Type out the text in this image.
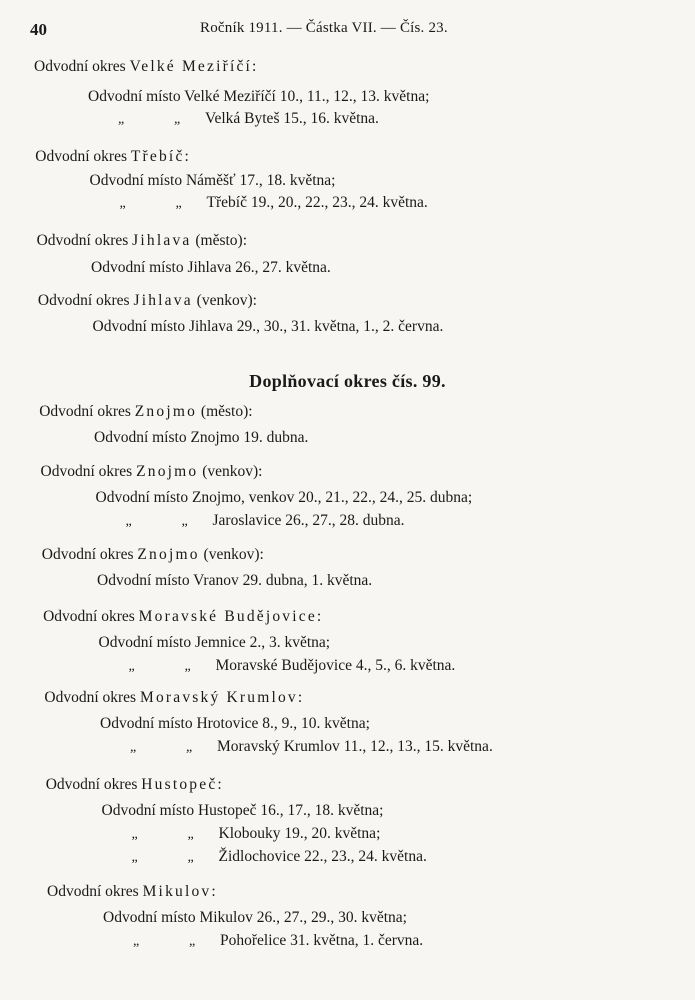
40	Ročník 1911. — Částka VII. — Čís. 23.
Doplňovací okres čís. 99.
Odvodní okres Velké Meziříčí:
Odvodní místo Velké Meziříčí 10., 11., 12., 13. května;
„	„ Velká Byteš 15., 16. května.
Odvodní okres Třebíč:
Odvodní místo Náměšť 17., 18. května;
„	„ Třebíč 19., 20., 22., 23., 24. května.
Odvodní okres Jihlava (město):
Odvodní místo Jihlava 26., 27. května.
Odvodní okres Jihlava (venkov):
Odvodní místo Jihlava 29., 30., 31. května, 1., 2. června.
Odvodní okres Znojmo (město):
Odvodní místo Znojmo 19. dubna.
Odvodní okres Znojmo (venkov):
Odvodní místo Znojmo, venkov 20., 21., 22., 24., 25. dubna;
„	„ Jaroslavice 26., 27., 28. dubna.
Odvodní okres Znojmo (venkov):
Odvodní místo Vranov 29. dubna, 1. května.
Odvodní okres Moravské Budějovice:
Odvodní místo Jemnice 2., 3. května;
„	„ Moravské Budějovice 4., 5., 6. května.
Odvodní okres Moravský Krumlov:
Odvodní místo Hrotovice 8., 9., 10. května;
„	„ Moravský Krumlov 11., 12., 13., 15. května.
Odvodní okres Hustopeč:
Odvodní místo Hustopeč 16., 17., 18. května;
„	„ Klobouky 19., 20. května;
„	„ Židlochovice 22., 23., 24. května.
Odvodní okres Mikulov:
Odvodní místo Mikulov 26., 27., 29., 30. května;
„	„ Pohořelice 31. května, 1. června.
